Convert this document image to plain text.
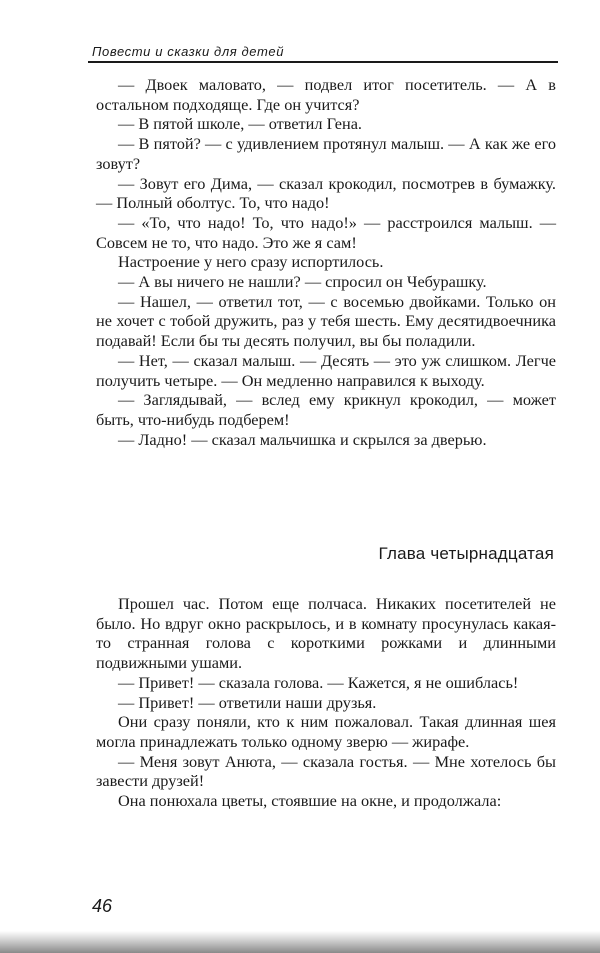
Повести и сказки для детей

— Двоек маловато, — подвел итог посетитель. — А в остальном подходяще. Где он учится?

— В пятой школе, — ответил Гена.

— В пятой? — с удивлением протянул малыш. — А как же его зовут?

— Зовут его Дима, — сказал крокодил, посмотрев в бумажку. — Полный оболтус. То, что надо!

— «То, что надо! То, что надо!» — расстроился малыш. — Совсем не то, что надо. Это же я сам!

Настроение у него сразу испортилось.

— А вы ничего не нашли? — спросил он Чебурашку.

— Нашел, — ответил тот, — с восемью двойками. Только он не хочет с тобой дружить, раз у тебя шесть. Ему десятидвоечника подавай! Если бы ты десять получил, вы бы поладили.

— Нет, — сказал малыш. — Десять — это уж слишком. Легче получить четыре. — Он медленно направился к выходу.

— Заглядывай, — вслед ему крикнул крокодил, — может быть, что-нибудь подберем!

— Ладно! — сказал мальчишка и скрылся за дверью.

Глава четырнадцатая

Прошел час. Потом еще полчаса. Никаких посетителей не было. Но вдруг окно раскрылось, и в комнату просунулась какая-то странная голова с короткими рожками и длинными подвижными ушами.

— Привет! — сказала голова. — Кажется, я не ошиблась!

— Привет! — ответили наши друзья.

Они сразу поняли, кто к ним пожаловал. Такая длинная шея могла принадлежать только одному зверю — жирафе.

— Меня зовут Анюта, — сказала гостья. — Мне хотелось бы завести друзей!

Она понюхала цветы, стоявшие на окне, и продолжала:

46
